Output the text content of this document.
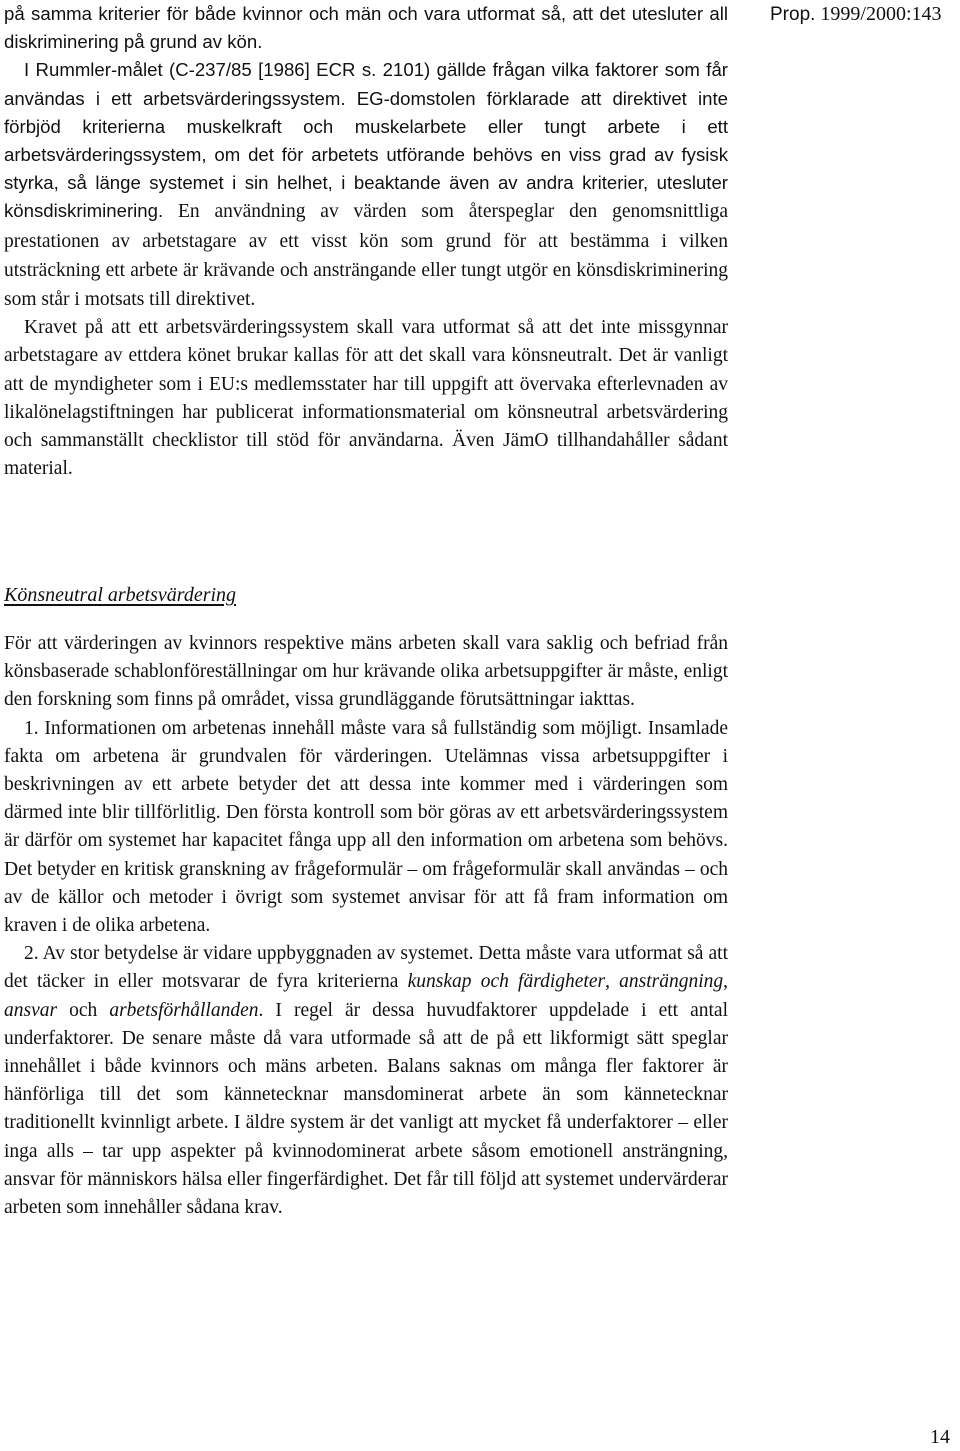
Prop. 1999/2000:143

på samma kriterier för både kvinnor och män och vara utformat så, att det utesluter all diskriminering på grund av kön.

I Rummler-målet (C-237/85 [1986] ECR s. 2101) gällde frågan vilka faktorer som får användas i ett arbetsvärderingssystem. EG-domstolen förklarade att direktivet inte förbjöd kriterierna muskelkraft och muskelarbete eller tungt arbete i ett arbetsvärderingssystem, om det för arbetets utförande behövs en viss grad av fysisk styrka, så länge systemet i sin helhet, i beaktande även av andra kriterier, utesluter könsdiskriminering. En användning av värden som återspeglar den genomsnittliga prestationen av arbetstagare av ett visst kön som grund för att bestämma i vilken utsträckning ett arbete är krävande och ansträngande eller tungt utgör en könsdiskriminering som står i motsats till direktivet.

Kravet på att ett arbetsvärderingssystem skall vara utformat så att det inte missgynnar arbetstagare av ettdera könet brukar kallas för att det skall vara könsneutralt. Det är vanligt att de myndigheter som i EU:s medlemsstater har till uppgift att övervaka efterlevnaden av likalönelagstiftningen har publicerat informationsmaterial om könsneutral arbetsvärdering och sammanställt checklistor till stöd för användarna. Även JämO tillhandahåller sådant material.

Könsneutral arbetsvärdering

För att värderingen av kvinnors respektive mäns arbeten skall vara saklig och befriad från könsbaserade schablonföreställningar om hur krävande olika arbetsuppgifter är måste, enligt den forskning som finns på området, vissa grundläggande förutsättningar iakttas.

1. Informationen om arbetenas innehåll måste vara så fullständig som möjligt. Insamlade fakta om arbetena är grundvalen för värderingen. Utelämnas vissa arbetsuppgifter i beskrivningen av ett arbete betyder det att dessa inte kommer med i värderingen som därmed inte blir tillförlitlig. Den första kontroll som bör göras av ett arbetsvärderingssystem är därför om systemet har kapacitet fånga upp all den information om arbetena som behövs. Det betyder en kritisk granskning av frågeformulär – om frågeformulär skall användas – och av de källor och metoder i övrigt som systemet anvisar för att få fram information om kraven i de olika arbetena.

2. Av stor betydelse är vidare uppbyggnaden av systemet. Detta måste vara utformat så att det täcker in eller motsvarar de fyra kriterierna kunskap och färdigheter, ansträngning, ansvar och arbetsförhållanden. I regel är dessa huvudfaktorer uppdelade i ett antal underfaktorer. De senare måste då vara utformade så att de på ett likformigt sätt speglar innehållet i både kvinnors och mäns arbeten. Balans saknas om många fler faktorer är hänförliga till det som kännetecknar mansdominerat arbete än som kännetecknar traditionellt kvinnligt arbete. I äldre system är det vanligt att mycket få underfaktorer – eller inga alls – tar upp aspekter på kvinnodominerat arbete såsom emotionell ansträngning, ansvar för människors hälsa eller fingerfärdighet. Det får till följd att systemet undervärderar arbeten som innehåller sådana krav.

14
